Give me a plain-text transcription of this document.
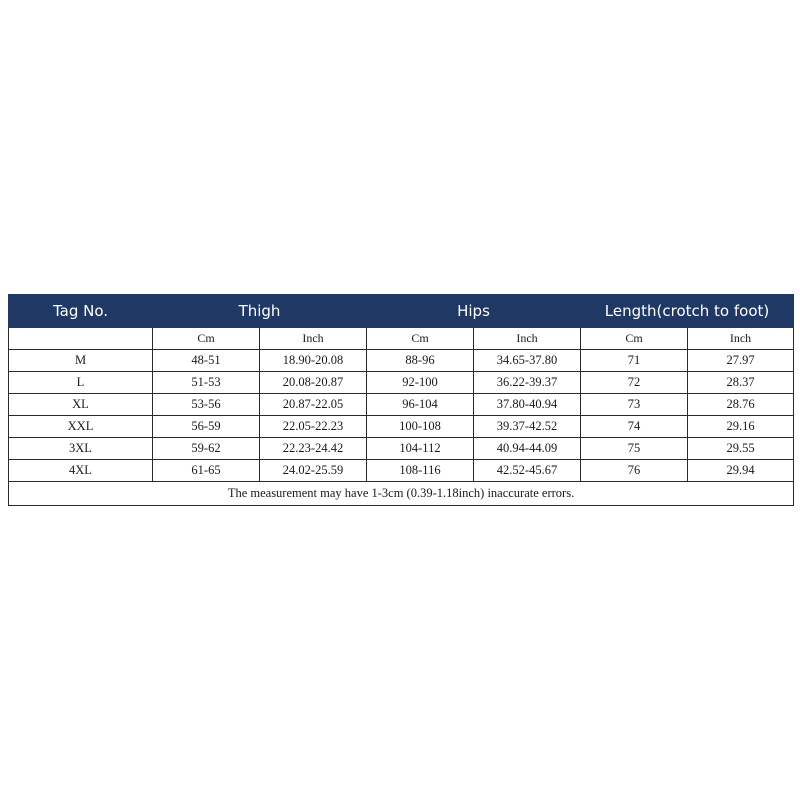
Tag No.	Thigh		Hips		Length(crotch to foot)	
	Cm	Inch	Cm	Inch	Cm	Inch
M	48-51	18.90-20.08	88-96	34.65-37.80	71	27.97
L	51-53	20.08-20.87	92-100	36.22-39.37	72	28.37
XL	53-56	20.87-22.05	96-104	37.80-40.94	73	28.76
XXL	56-59	22.05-22.23	100-108	39.37-42.52	74	29.16
3XL	59-62	22.23-24.42	104-112	40.94-44.09	75	29.55
4XL	61-65	24.02-25.59	108-116	42.52-45.67	76	29.94
The measurement may have 1-3cm (0.39-1.18inch) inaccurate errors.						
